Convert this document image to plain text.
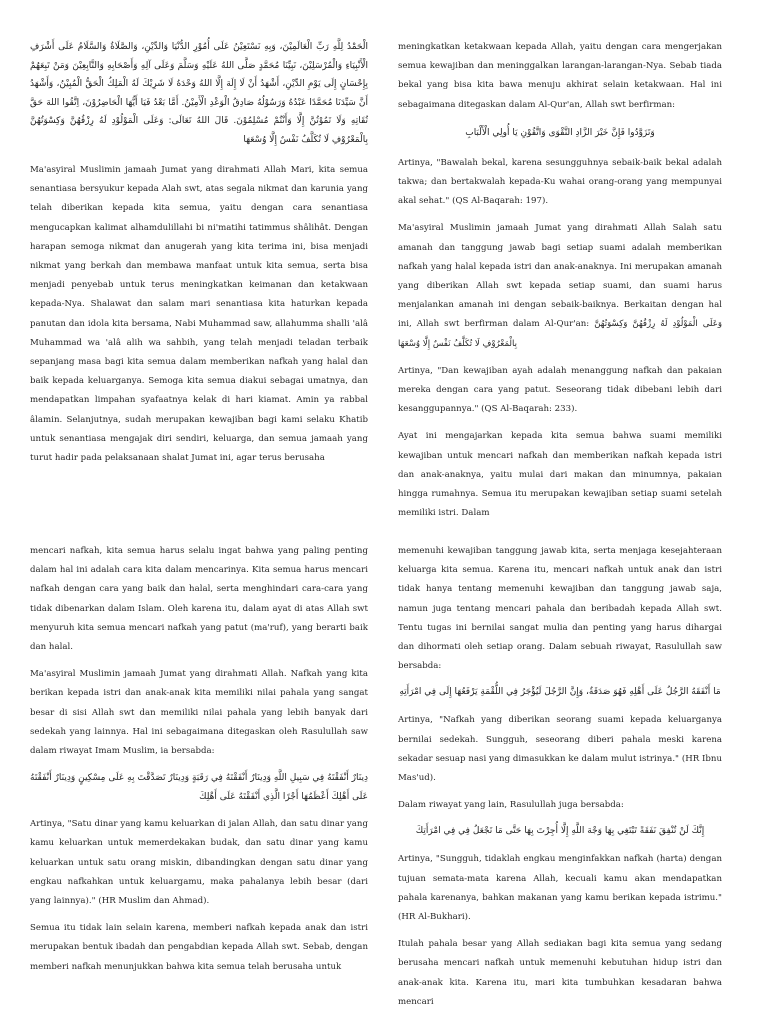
الْحَمْدُ لِلَّهِ رَبِّ الْعَالَمِيْنَ، وَبِهِ نَسْتَعِيْنُ عَلَى أُمُوْرِ الدُّنْيَا وَالدِّيْنِ، وَالصَّلَاةُ وَالسَّلَامُ عَلَى أَشْرَفِ الْأَنْبِيَاءِ وَالْمُرْسَلِيْنَ، نَبِيِّنَا مُحَمَّدٍ صَلَّى اللهُ عَلَيْهِ وَسَلَّمَ وَعَلَى آلِهِ وَأَصْحَابِهِ وَالتَّابِعِيْنَ وَمَنْ تَبِعَهُمْ بِإِحْسَانٍ إِلَى يَوْمِ الدِّيْنِ، أَشْهَدُ أَنْ لَا إِلَهَ إِلَّا اللهُ وَحْدَهُ لَا شَرِيْكَ لَهُ الْمَلِكُ الْحَقُّ الْمُبِيْنُ، وَأَشْهَدُ أَنَّ سَيِّدَنَا مُحَمَّدًا عَبْدُهُ وَرَسُوْلُهُ صَادِقُ الْوَعْدِ الْأَمِيْنُ. أَمَّا بَعْدُ فَيَا أَيُّهَا الْحَاضِرُوْنَ، اِتَّقُوا اللهَ حَقَّ تُقَاتِهِ وَلَا تَمُوْتُنَّ إِلَّا وَأَنْتُمْ مُسْلِمُوْنَ. قَالَ اللهُ تَعَالَى: وَعَلَى الْمَوْلُوْدِ لَهُ رِزْقُهُنَّ وَكِسْوَتُهُنَّ بِالْمَعْرُوْفِ لَا تُكَلَّفُ نَفْسٌ إِلَّا وُسْعَهَا

Ma'asyiral Muslimin jamaah Jumat yang dirahmati Allah Mari, kita semua senantiasa bersyukur kepada Alah swt, atas segala nikmat dan karunia yang telah diberikan kepada kita semua, yaitu dengan cara senantiasa mengucapkan kalimat alhamdulillahi bi ni'matihi tatimmus shâlihât. Dengan harapan semoga nikmat dan anugerah yang kita terima ini, bisa menjadi nikmat yang berkah dan membawa manfaat untuk kita semua, serta bisa menjadi penyebab untuk terus meningkatkan keimanan dan ketakwaan kepada-Nya. Shalawat dan salam mari senantiasa kita haturkan kepada panutan dan idola kita bersama, Nabi Muhammad saw, allahumma shalli 'alâ Muhammad wa 'alâ alih wa sahbih, yang telah menjadi teladan terbaik sepanjang masa bagi kita semua dalam memberikan nafkah yang halal dan baik kepada keluarganya. Semoga kita semua diakui sebagai umatnya, dan mendapatkan limpahan syafaatnya kelak di hari kiamat. Amin ya rabbal âlamin. Selanjutnya, sudah merupakan kewajiban bagi kami selaku Khatib untuk senantiasa mengajak diri sendiri, keluarga, dan semua jamaah yang turut hadir pada pelaksanaan shalat Jumat ini, agar terus berusaha

meningkatkan ketakwaan kepada Allah, yaitu dengan cara mengerjakan semua kewajiban dan meninggalkan larangan-larangan-Nya. Sebab tiada bekal yang bisa kita bawa menuju akhirat selain ketakwaan. Hal ini sebagaimana ditegaskan dalam Al-Qur'an, Allah swt berfirman:

وَتَزَوَّدُوا فَإِنَّ خَيْرَ الزَّادِ التَّقْوَى وَاتَّقُوْنِ يَا أُولِي الْأَلْبَابِ

Artinya, "Bawalah bekal, karena sesungguhnya sebaik-baik bekal adalah takwa; dan bertakwalah kepada-Ku wahai orang-orang yang mempunyai akal sehat." (QS Al-Baqarah: 197).

Ma'asyiral Muslimin jamaah Jumat yang dirahmati Allah Salah satu amanah dan tanggung jawab bagi setiap suami adalah memberikan nafkah yang halal kepada istri dan anak-anaknya. Ini merupakan amanah yang diberikan Allah swt kepada setiap suami, dan suami harus menjalankan amanah ini dengan sebaik-baiknya. Berkaitan dengan hal ini, Allah swt berfirman dalam Al-Qur'an: وَعَلَى الْمَوْلُوْدِ لَهُ رِزْقُهُنَّ وَكِسْوَتُهُنَّ بِالْمَعْرُوْفِ لَا تُكَلَّفُ نَفْسٌ إِلَّا وُسْعَهَا

Artinya, "Dan kewajiban ayah adalah menanggung nafkah dan pakaian mereka dengan cara yang patut. Seseorang tidak dibebani lebih dari kesanggupannya." (QS Al-Baqarah: 233).

Ayat ini mengajarkan kepada kita semua bahwa suami memiliki kewajiban untuk mencari nafkah dan memberikan nafkah kepada istri dan anak-anaknya, yaitu mulai dari makan dan minumnya, pakaian hingga rumahnya. Semua itu merupakan kewajiban setiap suami setelah memiliki istri. Dalam

mencari nafkah, kita semua harus selalu ingat bahwa yang paling penting dalam hal ini adalah cara kita dalam mencarinya. Kita semua harus mencari nafkah dengan cara yang baik dan halal, serta menghindari cara-cara yang tidak dibenarkan dalam Islam. Oleh karena itu, dalam ayat di atas Allah swt menyuruh kita semua mencari nafkah yang patut (ma'ruf), yang berarti baik dan halal.

Ma'asyiral Muslimin jamaah Jumat yang dirahmati Allah. Nafkah yang kita berikan kepada istri dan anak-anak kita memiliki nilai pahala yang sangat besar di sisi Allah swt dan memiliki nilai pahala yang lebih banyak dari sedekah yang lainnya. Hal ini sebagaimana ditegaskan oleh Rasulullah saw dalam riwayat Imam Muslim, ia bersabda:

دِينَارٌ أَنْفَقْتَهُ فِي سَبِيلِ اللَّهِ وَدِينَارٌ أَنْفَقْتَهُ فِي رَقَبَةٍ وَدِينَارٌ تَصَدَّقْتَ بِهِ عَلَى مِسْكِينٍ وَدِينَارٌ أَنْفَقْتَهُ عَلَى أَهْلِكَ أَعْظَمُهَا أَجْرًا الَّذِي أَنْفَقْتَهُ عَلَى أَهْلِكَ

Artinya, "Satu dinar yang kamu keluarkan di jalan Allah, dan satu dinar yang kamu keluarkan untuk memerdekakan budak, dan satu dinar yang kamu keluarkan untuk satu orang miskin, dibandingkan dengan satu dinar yang engkau nafkahkan untuk keluargamu, maka pahalanya lebih besar (dari yang lainnya)." (HR Muslim dan Ahmad).

Semua itu tidak lain selain karena, memberi nafkah kepada anak dan istri merupakan bentuk ibadah dan pengabdian kepada Allah swt. Sebab, dengan memberi nafkah menunjukkan bahwa kita semua telah berusaha untuk

memenuhi kewajiban tanggung jawab kita, serta menjaga kesejahteraan keluarga kita semua. Karena itu, mencari nafkah untuk anak dan istri tidak hanya tentang memenuhi kewajiban dan tanggung jawab saja, namun juga tentang mencari pahala dan beribadah kepada Allah swt. Tentu tugas ini bernilai sangat mulia dan penting yang harus dihargai dan dihormati oleh setiap orang. Dalam sebuah riwayat, Rasulullah saw bersabda:

مَا أَنْفَقَهُ الرَّجُلُ عَلَى أَهْلِهِ فَهُوَ صَدَقَةٌ، وَإِنَّ الرَّجُلَ لَيُؤْجَرُ فِي اللُّقْمَةِ يَرْفَعُهَا إِلَى فِي امْرَأَتِهِ

Artinya, "Nafkah yang diberikan seorang suami kepada keluarganya bernilai sedekah. Sungguh, seseorang diberi pahala meski karena sekadar sesuap nasi yang dimasukkan ke dalam mulut istrinya." (HR Ibnu Mas'ud).

Dalam riwayat yang lain, Rasulullah juga bersabda:

إِنَّكَ لَنْ تُنْفِقَ نَفَقَةً تَبْتَغِي بِهَا وَجْهَ اللَّهِ إِلَّا أُجِرْتَ بِهَا حَتَّى مَا تَجْعَلُ فِي فِي امْرَأَتِكَ

Artinya, "Sungguh, tidaklah engkau menginfakkan nafkah (harta) dengan tujuan semata-mata karena Allah, kecuali kamu akan mendapatkan pahala karenanya, bahkan makanan yang kamu berikan kepada istrimu." (HR Al-Bukhari).

Itulah pahala besar yang Allah sediakan bagi kita semua yang sedang berusaha mencari nafkah untuk memenuhi kebutuhan hidup istri dan anak-anak kita. Karena itu, mari kita tumbuhkan kesadaran bahwa mencari
